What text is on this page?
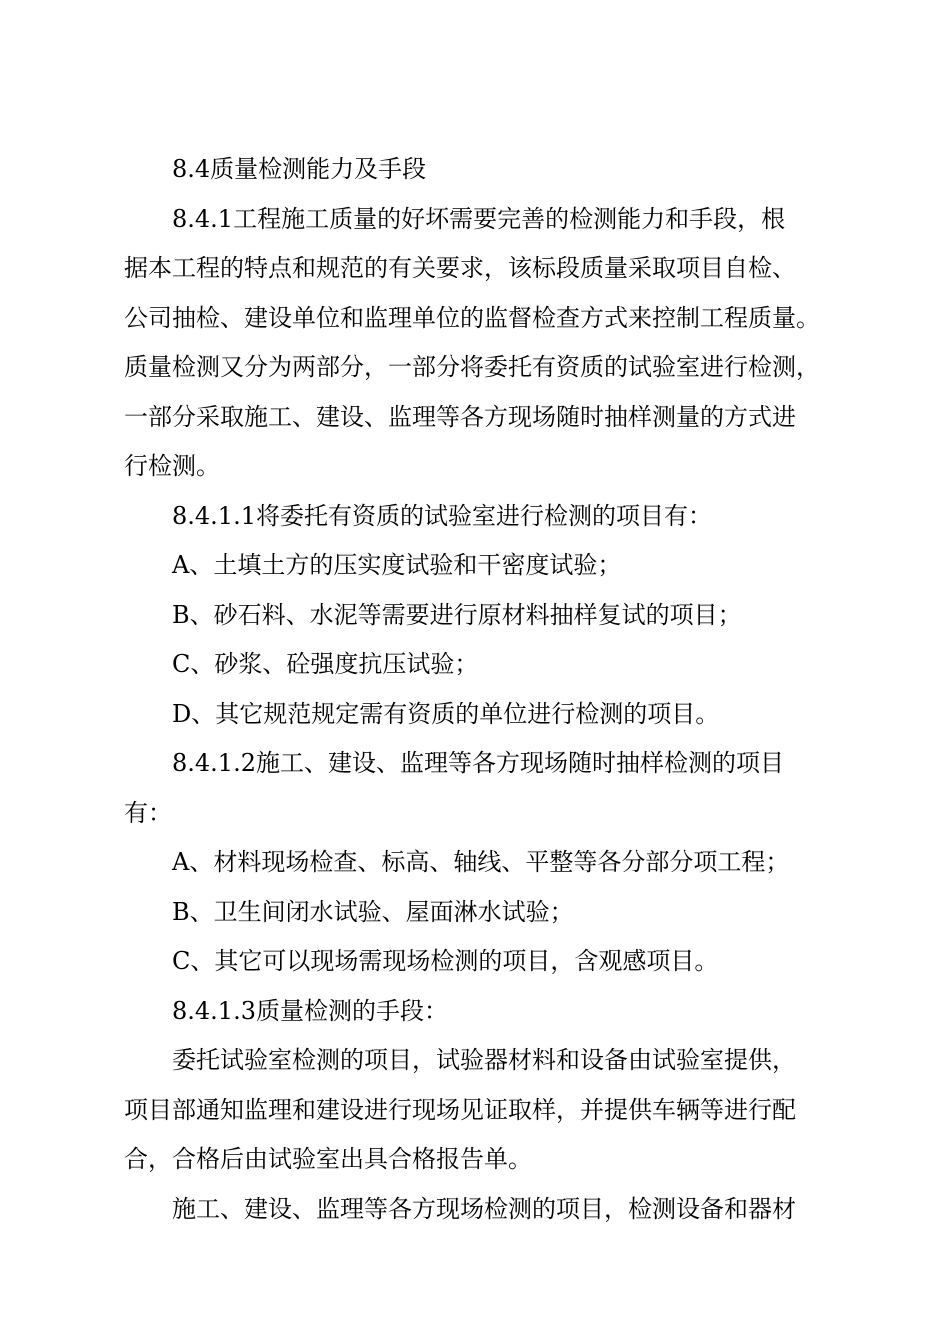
8.4质量检测能力及手段

8.4.1工程施工质量的好坏需要完善的检测能力和手段，根
据本工程的特点和规范的有关要求，该标段质量采取项目自检、
公司抽检、建设单位和监理单位的监督检查方式来控制工程质量。
质量检测又分为两部分，一部分将委托有资质的试验室进行检测，
一部分采取施工、建设、监理等各方现场随时抽样测量的方式进
行检测。

8.4.1.1将委托有资质的试验室进行检测的项目有：

A、土填土方的压实度试验和干密度试验；

B、砂石料、水泥等需要进行原材料抽样复试的项目；

C、砂浆、砼强度抗压试验；

D、其它规范规定需有资质的单位进行检测的项目。

8.4.1.2施工、建设、监理等各方现场随时抽样检测的项目
有：

A、材料现场检查、标高、轴线、平整等各分部分项工程；

B、卫生间闭水试验、屋面淋水试验；

C、其它可以现场需现场检测的项目，含观感项目。

8.4.1.3质量检测的手段：

委托试验室检测的项目，试验器材料和设备由试验室提供，
项目部通知监理和建设进行现场见证取样，并提供车辆等进行配
合，合格后由试验室出具合格报告单。

施工、建设、监理等各方现场检测的项目，检测设备和器材
